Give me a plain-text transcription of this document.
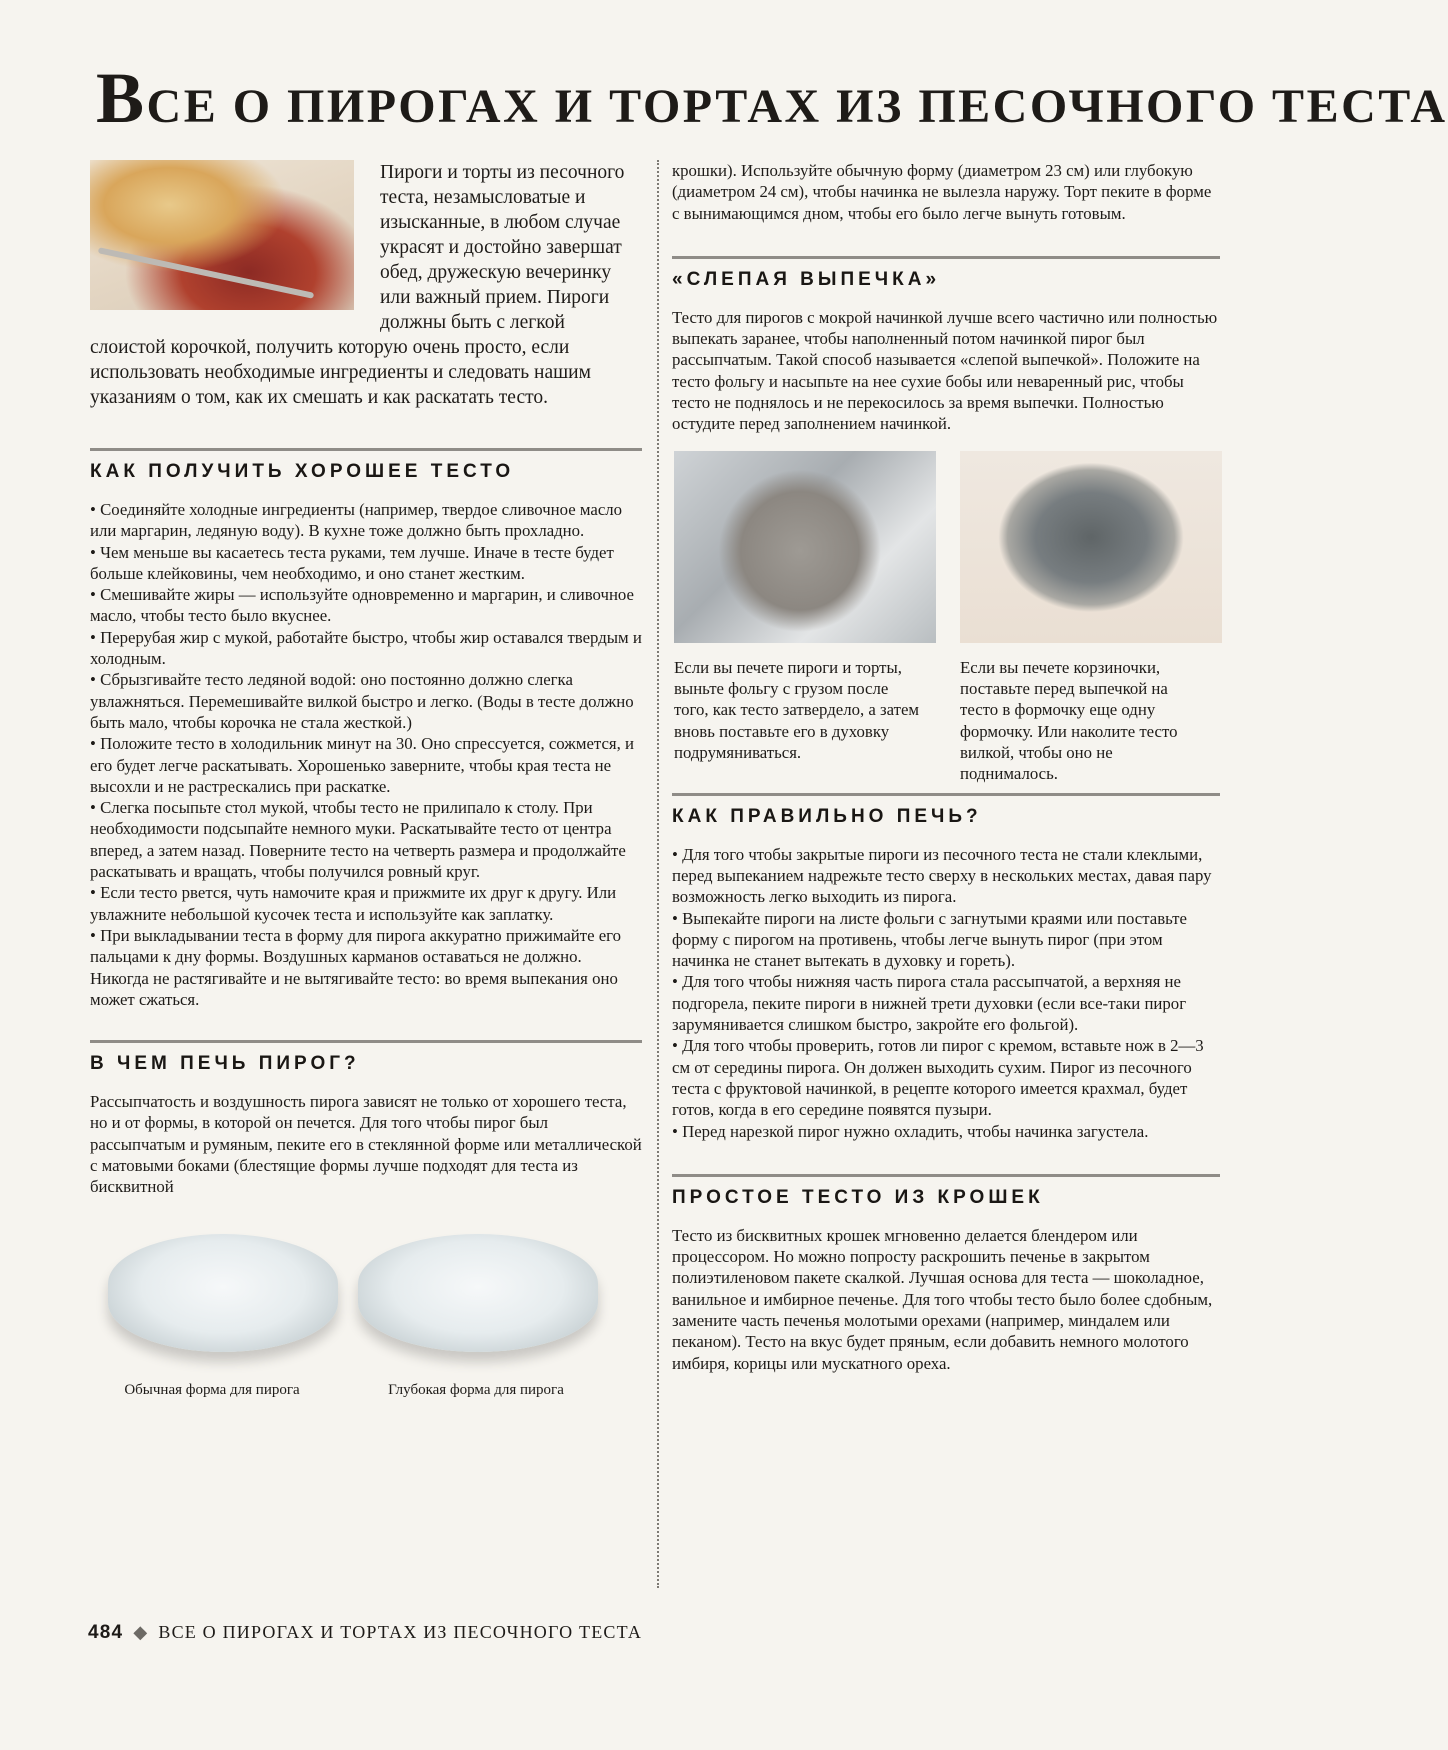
ВСЕ О ПИРОГАХ И ТОРТАХ ИЗ ПЕСОЧНОГО ТЕСТА

Пироги и торты из песочного теста, незамысловатые и изысканные, в любом случае украсят и достойно завершат обед, дружескую вечеринку или важный прием. Пироги должны быть с легкой слоистой корочкой, получить которую очень просто, если использовать необходимые ингредиенты и следовать нашим указаниям о том, как их смешать и как раскатать тесто.

КАК ПОЛУЧИТЬ ХОРОШЕЕ ТЕСТО
• Соединяйте холодные ингредиенты (например, твердое сливочное масло или маргарин, ледяную воду). В кухне тоже должно быть прохладно.
• Чем меньше вы касаетесь теста руками, тем лучше. Иначе в тесте будет больше клейковины, чем необходимо, и оно станет жестким.
• Смешивайте жиры — используйте одновременно и маргарин, и сливочное масло, чтобы тесто было вкуснее.
• Перерубая жир с мукой, работайте быстро, чтобы жир оставался твердым и холодным.
• Сбрызгивайте тесто ледяной водой: оно постоянно должно слегка увлажняться. Перемешивайте вилкой быстро и легко. (Воды в тесте должно быть мало, чтобы корочка не стала жесткой.)
• Положите тесто в холодильник минут на 30. Оно спрессуется, сожмется, и его будет легче раскатывать. Хорошенько заверните, чтобы края теста не высохли и не растрескались при раскатке.
• Слегка посыпьте стол мукой, чтобы тесто не прилипало к столу. При необходимости подсыпайте немного муки. Раскатывайте тесто от центра вперед, а затем назад. Поверните тесто на четверть размера и продолжайте раскатывать и вращать, чтобы получился ровный круг.
• Если тесто рвется, чуть намочите края и прижмите их друг к другу. Или увлажните небольшой кусочек теста и используйте как заплатку.
• При выкладывании теста в форму для пирога аккуратно прижимайте его пальцами к дну формы. Воздушных карманов оставаться не должно. Никогда не растягивайте и не вытягивайте тесто: во время выпекания оно может сжаться.
В ЧЕМ ПЕЧЬ ПИРОГ?

Рассыпчатость и воздушность пирога зависят не только от хорошего теста, но и от формы, в которой он печется. Для того чтобы пирог был рассыпчатым и румяным, пеките его в стеклянной форме или металлической с матовыми боками (блестящие формы лучше подходят для теста из бисквитной

Обычная форма для пирога	Глубокая форма для пирога

крошки). Используйте обычную форму (диаметром 23 см) или глубокую (диаметром 24 см), чтобы начинка не вылезла наружу. Торт пеките в форме с вынимающимся дном, чтобы его было легче вынуть готовым.

«СЛЕПАЯ ВЫПЕЧКА»

Тесто для пирогов с мокрой начинкой лучше всего частично или полностью выпекать заранее, чтобы наполненный потом начинкой пирог был рассыпчатым. Такой способ называется «слепой выпечкой». Положите на тесто фольгу и насыпьте на нее сухие бобы или неваренный рис, чтобы тесто не поднялось и не перекосилось за время выпечки. Полностью остудите перед заполнением начинкой.

Если вы печете пироги и торты, выньте фольгу с грузом после того, как тесто затвердело, а затем вновь поставьте его в духовку подрумяниваться.
Если вы печете корзиночки, поставьте перед выпечкой на тесто в формочку еще одну формочку. Или наколите тесто вилкой, чтобы оно не поднималось.
КАК ПРАВИЛЬНО ПЕЧЬ?
• Для того чтобы закрытые пироги из песочного теста не стали клеклыми, перед выпеканием надрежьте тесто сверху в нескольких местах, давая пару возможность легко выходить из пирога.
• Выпекайте пироги на листе фольги с загнутыми краями или поставьте форму с пирогом на противень, чтобы легче вынуть пирог (при этом начинка не станет вытекать в духовку и гореть).
• Для того чтобы нижняя часть пирога стала рассыпчатой, а верхняя не подгорела, пеките пироги в нижней трети духовки (если все-таки пирог зарумянивается слишком быстро, закройте его фольгой).
• Для того чтобы проверить, готов ли пирог с кремом, вставьте нож в 2—3 см от середины пирога. Он должен выходить сухим. Пирог из песочного теста с фруктовой начинкой, в рецепте которого имеется крахмал, будет готов, когда в его середине появятся пузыри.
• Перед нарезкой пирог нужно охладить, чтобы начинка загустела.
ПРОСТОЕ ТЕСТО ИЗ КРОШЕК

Тесто из бисквитных крошек мгновенно делается блендером или процессором. Но можно попросту раскрошить печенье в закрытом полиэтиленовом пакете скалкой. Лучшая основа для теста — шоколадное, ванильное и имбирное печенье. Для того чтобы тесто было более сдобным, замените часть печенья молотыми орехами (например, миндалем или пеканом). Тесто на вкус будет пряным, если добавить немного молотого имбиря, корицы или мускатного ореха.

484 ◆ ВСЕ О ПИРОГАХ И ТОРТАХ ИЗ ПЕСОЧНОГО ТЕСТА
